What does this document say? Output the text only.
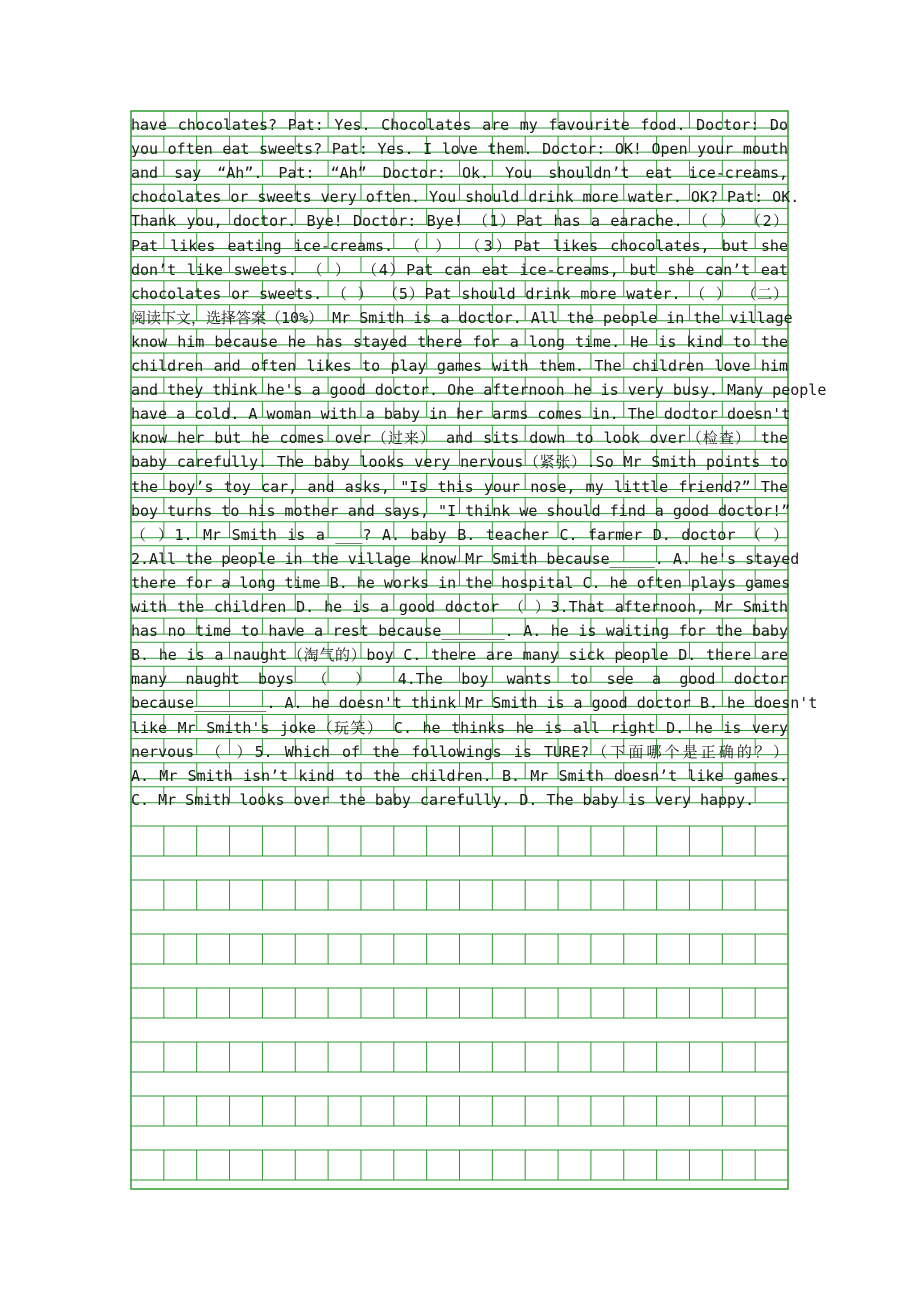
have chocolates? Pat: Yes. Chocolates are my favourite food. Doctor: Do
you often eat sweets? Pat: Yes. I love them. Doctor: OK! Open your mouth
and say “Ah”. Pat: “Ah” Doctor: Ok. You shouldn’t eat ice-creams,
chocolates or sweets very often. You should drink more water. OK? Pat: OK.
Thank you, doctor. Bye! Doctor: Bye! （1）Pat has a earache. （ ） （2）
Pat likes eating ice-creams. （ ） （3）Pat likes chocolates, but she
don’t like sweets. （ ） （4）Pat can eat ice-creams, but she can’t eat
chocolates or sweets. （ ） （5）Pat should drink more water. （ ） （二）
阅读下文，选择答案（10%） Mr Smith is a doctor. All the people in the village
know him because he has stayed there for a long time. He is kind to the
children and often likes to play games with them. The children love him
and they think he's a good doctor. One afternoon he is very busy. Many people
have a cold. A woman with a baby in her arms comes in. The doctor doesn't
know her but he comes over（过来） and sits down to look over（检查） the
baby carefully. The baby looks very nervous（紧张）.So Mr Smith points to
the boy’s toy car, and asks, "Is this your nose, my little friend?” The
boy turns to his mother and says, "I think we should find a good doctor!”
（ ）1. Mr Smith is a ___? A. baby B. teacher C. farmer D. doctor （ ）
2.All the people in the village know Mr Smith because_____. A. he's stayed
there for a long time B. he works in the hospital C. he often plays games
with the children D. he is a good doctor （ ）3.That afternoon, Mr Smith
has no time to have a rest because_______. A. he is waiting for the baby
B. he is a naught（淘气的）boy C. there are many sick people D. there are
many naught boys （ ） 4.The boy wants to see a good doctor
because________. A. he doesn't think Mr Smith is a good doctor B. he doesn't
like Mr Smith's joke（玩笑） C. he thinks he is all right D. he is very
nervous （ ）5. Which of the followings is TURE?（下面哪个是正确的？）
A. Mr Smith isn’t kind to the children. B. Mr Smith doesn’t like games.
C. Mr Smith looks over the baby carefully. D. The baby is very happy.
